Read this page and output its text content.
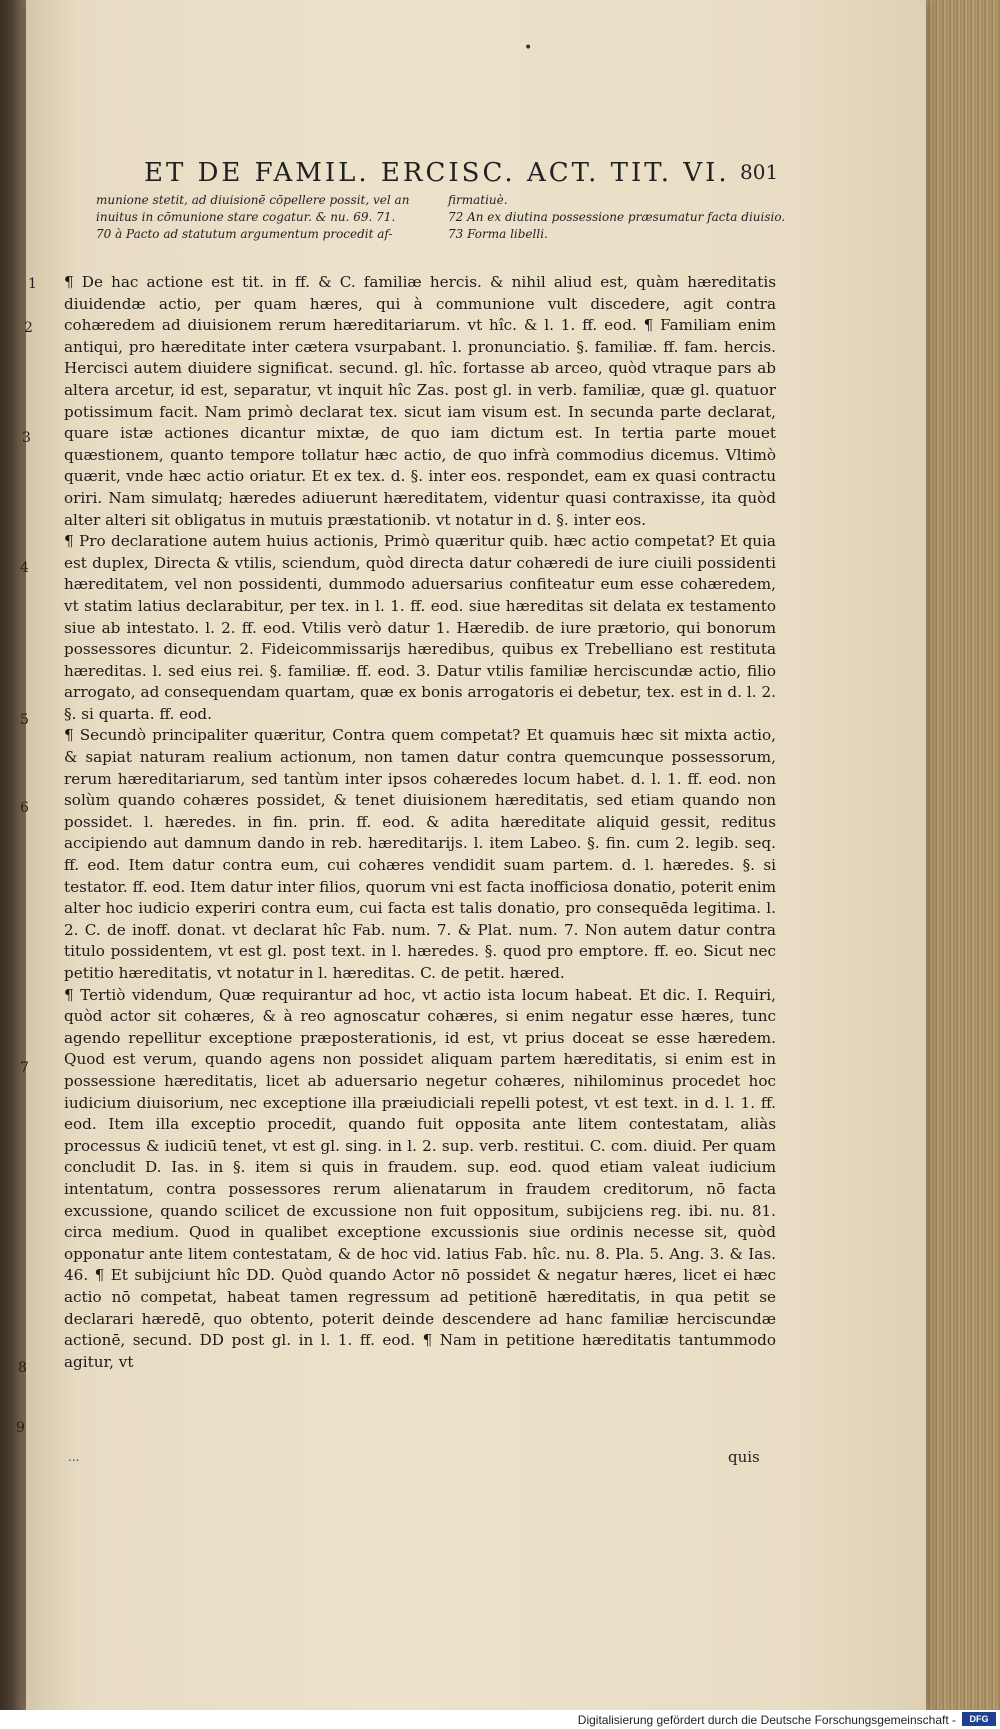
•
ET DE FAMIL. ERCISC. ACT. TIT. VI. 801
munione stetit, ad diuisionē cōpellere possit, vel an
inuitus in cōmunione stare cogatur. & nu. 69. 71.
70 à Pacto ad statutum argumentum procedit af-
firmatiuè.
72 An ex diutina possessione præsumatur facta diuisio.
73 Forma libelli.
1
2
3
4
5
6
7
8
9

¶ De hac actione est tit. in ff. & C. familiæ hercis. & nihil aliud est, quàm hæreditatis diuidendæ actio, per quam hæres, qui à communione vult discedere, agit contra cohæredem ad diuisionem rerum hæreditariarum. vt hîc. & l. 1. ff. eod. ¶ Familiam enim antiqui, pro hæreditate inter cætera vsurpabant. l. pronunciatio. §. familiæ. ff. fam. hercis. Hercisci autem diuidere significat. secund. gl. hîc. fortasse ab arceo, quòd vtraque pars ab altera arcetur, id est, separatur, vt inquit hîc Zas. post gl. in verb. familiæ, quæ gl. quatuor potissimum facit. Nam primò declarat tex. sicut iam visum est. In secunda parte declarat, quare istæ actiones dicantur mixtæ, de quo iam dictum est. In tertia parte mouet quæstionem, quanto tempore tollatur hæc actio, de quo infrà commodius dicemus. Vltimò quærit, vnde hæc actio oriatur. Et ex tex. d. §. inter eos. respondet, eam ex quasi contractu oriri. Nam simulatq; hæredes adiuerunt hæreditatem, videntur quasi contraxisse, ita quòd alter alteri sit obligatus in mutuis præstationib. vt notatur in d. §. inter eos.

¶ Pro declaratione autem huius actionis, Primò quæritur quib. hæc actio competat? Et quia est duplex, Directa & vtilis, sciendum, quòd directa datur cohæredi de iure ciuili possidenti hæreditatem, vel non possidenti, dummodo aduersarius confiteatur eum esse cohæredem, vt statim latius declarabitur, per tex. in l. 1. ff. eod. siue hæreditas sit delata ex testamento siue ab intestato. l. 2. ff. eod. Vtilis verò datur 1. Hæredib. de iure prætorio, qui bonorum possessores dicuntur. 2. Fideicommissarijs hæredibus, quibus ex Trebelliano est restituta hæreditas. l. sed eius rei. §. familiæ. ff. eod. 3. Datur vtilis familiæ herciscundæ actio, filio arrogato, ad consequendam quartam, quæ ex bonis arrogatoris ei debetur, tex. est in d. l. 2. §. si quarta. ff. eod.

¶ Secundò principaliter quæritur, Contra quem competat? Et quamuis hæc sit mixta actio, & sapiat naturam realium actionum, non tamen datur contra quemcunque possessorum, rerum hæreditariarum, sed tantùm inter ipsos cohæredes locum habet. d. l. 1. ff. eod. non solùm quando cohæres possidet, & tenet diuisionem hæreditatis, sed etiam quando non possidet. l. hæredes. in fin. prin. ff. eod. & adita hæreditate aliquid gessit, reditus accipiendo aut damnum dando in reb. hæreditarijs. l. item Labeo. §. fin. cum 2. legib. seq. ff. eod. Item datur contra eum, cui cohæres vendidit suam partem. d. l. hæredes. §. si testator. ff. eod. Item datur inter filios, quorum vni est facta inofficiosa donatio, poterit enim alter hoc iudicio experiri contra eum, cui facta est talis donatio, pro consequēda legitima. l. 2. C. de inoff. donat. vt declarat hîc Fab. num. 7. & Plat. num. 7. Non autem datur contra titulo possidentem, vt est gl. post text. in l. hæredes. §. quod pro emptore. ff. eo. Sicut nec petitio hæreditatis, vt notatur in l. hæreditas. C. de petit. hæred.

¶ Tertiò videndum, Quæ requirantur ad hoc, vt actio ista locum habeat. Et dic. I. Requiri, quòd actor sit cohæres, & à reo agnoscatur cohæres, si enim negatur esse hæres, tunc agendo repellitur exceptione præposterationis, id est, vt prius doceat se esse hæredem. Quod est verum, quando agens non possidet aliquam partem hæreditatis, si enim est in possessione hæreditatis, licet ab aduersario negetur cohæres, nihilominus procedet hoc iudicium diuisorium, nec exceptione illa præiudiciali repelli potest, vt est text. in d. l. 1. ff. eod. Item illa exceptio procedit, quando fuit opposita ante litem contestatam, aliàs processus & iudiciū tenet, vt est gl. sing. in l. 2. sup. verb. restitui. C. com. diuid. Per quam concludit D. Ias. in §. item si quis in fraudem. sup. eod. quod etiam valeat iudicium intentatum, contra possessores rerum alienatarum in fraudem creditorum, nō facta excussione, quando scilicet de excussione non fuit oppositum, subijciens reg. ibi. nu. 81. circa medium. Quod in qualibet exceptione excussionis siue ordinis necesse sit, quòd opponatur ante litem contestatam, & de hoc vid. latius Fab. hîc. nu. 8. Pla. 5. Ang. 3. & Ias. 46. ¶ Et subijciunt hîc DD. Quòd quando Actor nō possidet & negatur hæres, licet ei hæc actio nō competat, habeat tamen regressum ad petitionē hæreditatis, in qua petit se declarari hæredē, quo obtento, poterit deinde descendere ad hanc familiæ herciscundæ actionē, secund. DD post gl. in l. 1. ff. eod. ¶ Nam in petitione hæreditatis tantummodo agitur, vt

quis
...
Digitalisierung gefördert durch die Deutsche Forschungsgemeinschaft -	DFG
